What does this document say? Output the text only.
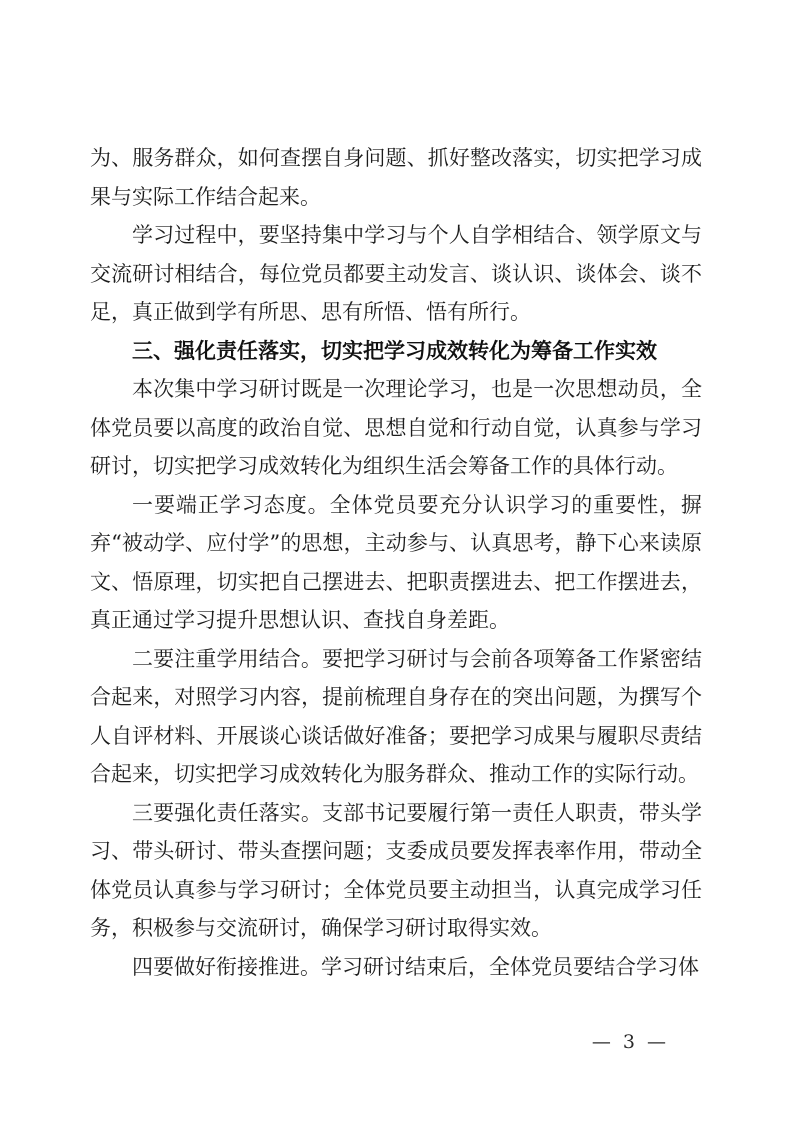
为、服务群众，如何查摆自身问题、抓好整改落实，切实把学习成果与实际工作结合起来。

学习过程中，要坚持集中学习与个人自学相结合、领学原文与交流研讨相结合，每位党员都要主动发言、谈认识、谈体会、谈不足，真正做到学有所思、思有所悟、悟有所行。

三、强化责任落实，切实把学习成效转化为筹备工作实效

本次集中学习研讨既是一次理论学习，也是一次思想动员，全体党员要以高度的政治自觉、思想自觉和行动自觉，认真参与学习研讨，切实把学习成效转化为组织生活会筹备工作的具体行动。

一要端正学习态度。全体党员要充分认识学习的重要性，摒弃“被动学、应付学”的思想，主动参与、认真思考，静下心来读原文、悟原理，切实把自己摆进去、把职责摆进去、把工作摆进去，真正通过学习提升思想认识、查找自身差距。

二要注重学用结合。要把学习研讨与会前各项筹备工作紧密结合起来，对照学习内容，提前梳理自身存在的突出问题，为撰写个人自评材料、开展谈心谈话做好准备；要把学习成果与履职尽责结合起来，切实把学习成效转化为服务群众、推动工作的实际行动。

三要强化责任落实。支部书记要履行第一责任人职责，带头学习、带头研讨、带头查摆问题；支委成员要发挥表率作用，带动全体党员认真参与学习研讨；全体党员要主动担当，认真完成学习任务，积极参与交流研讨，确保学习研讨取得实效。

四要做好衔接推进。学习研讨结束后，全体党员要结合学习体

— 3 —
